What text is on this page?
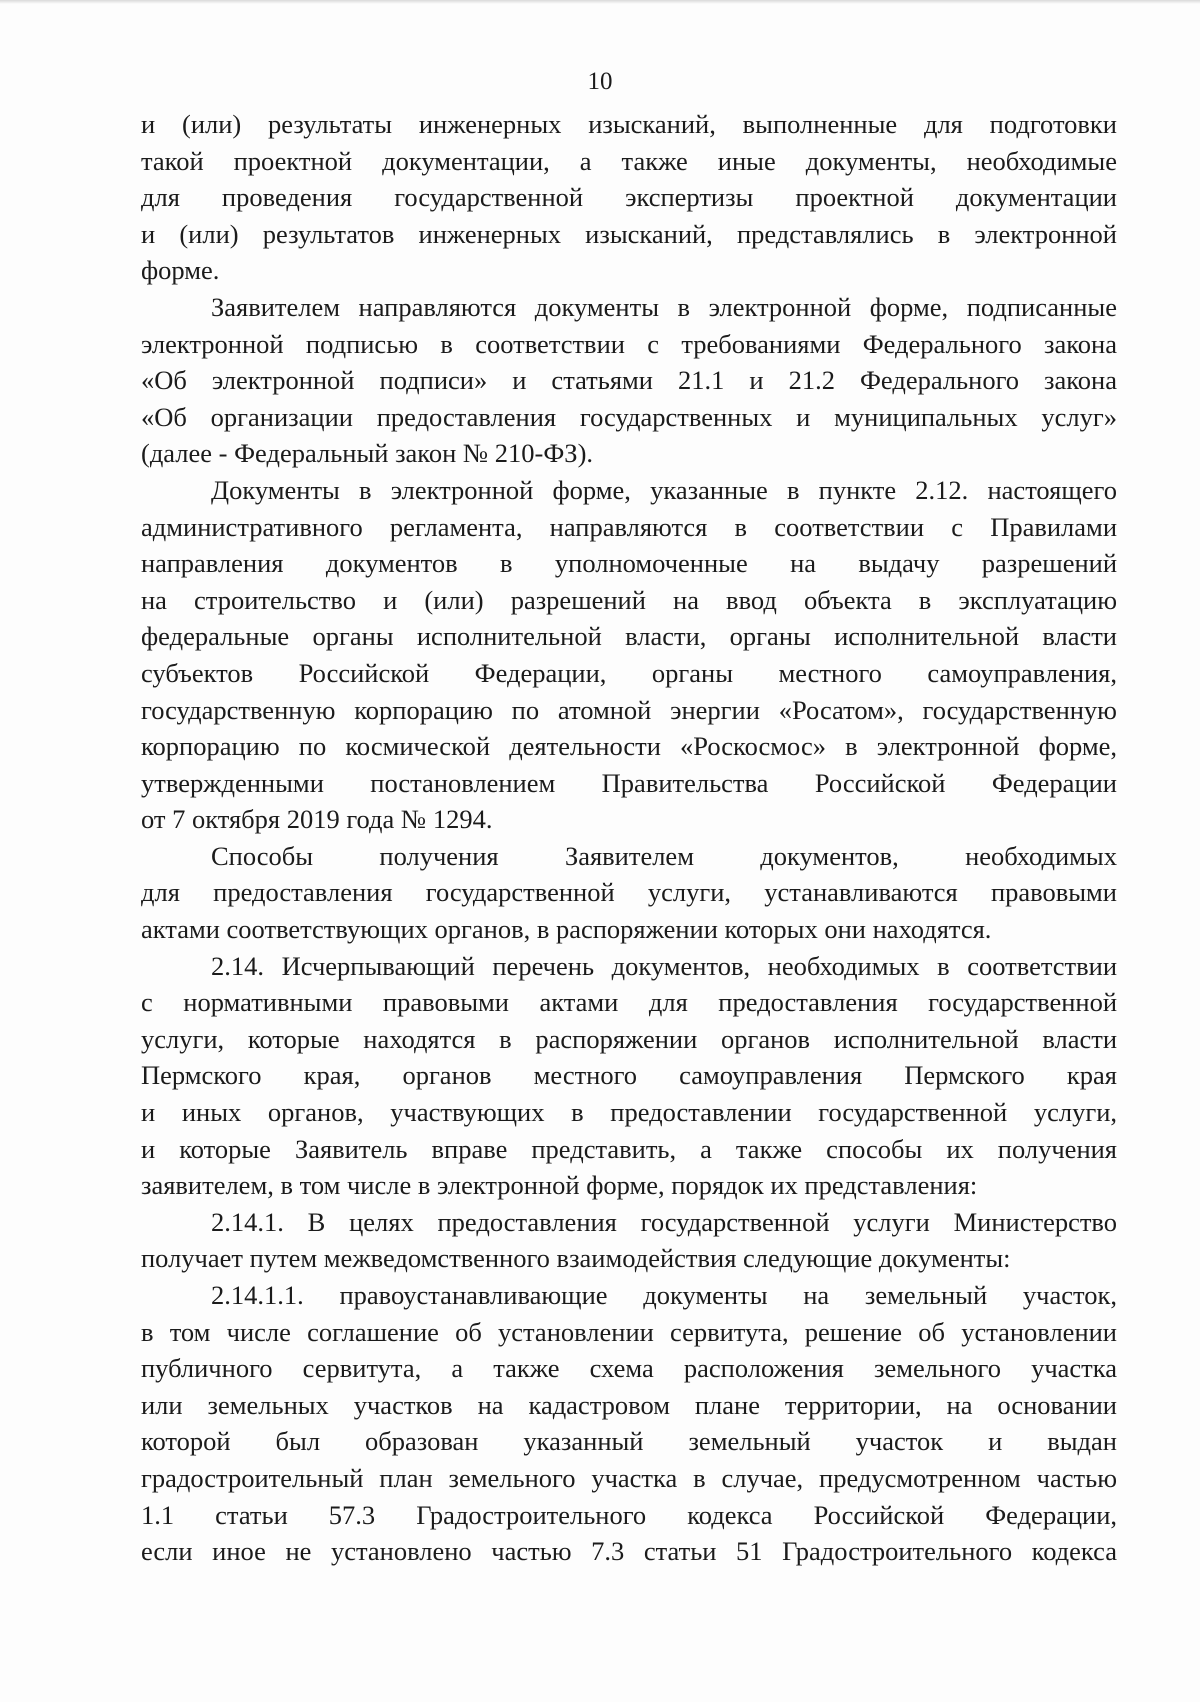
10
и (или) результаты инженерных изысканий, выполненные для подготовки
такой проектной документации, а также иные документы, необходимые
для проведения государственной экспертизы проектной документации
и (или) результатов инженерных изысканий, представлялись в электронной
форме.
Заявителем направляются документы в электронной форме, подписанные
электронной подписью в соответствии с требованиями Федерального закона
«Об электронной подписи» и статьями 21.1 и 21.2 Федерального закона
«Об организации предоставления государственных и муниципальных услуг»
(далее - Федеральный закон № 210-ФЗ).
Документы в электронной форме, указанные в пункте 2.12. настоящего
административного регламента, направляются в соответствии с Правилами
направления документов в уполномоченные на выдачу разрешений
на строительство и (или) разрешений на ввод объекта в эксплуатацию
федеральные органы исполнительной власти, органы исполнительной власти
субъектов Российской Федерации, органы местного самоуправления,
государственную корпорацию по атомной энергии «Росатом», государственную
корпорацию по космической деятельности «Роскосмос» в электронной форме,
утвержденными постановлением Правительства Российской Федерации
от 7 октября 2019 года № 1294.
Способы получения Заявителем документов, необходимых
для предоставления государственной услуги, устанавливаются правовыми
актами соответствующих органов, в распоряжении которых они находятся.
2.14. Исчерпывающий перечень документов, необходимых в соответствии
с нормативными правовыми актами для предоставления государственной
услуги, которые находятся в распоряжении органов исполнительной власти
Пермского края, органов местного самоуправления Пермского края
и иных органов, участвующих в предоставлении государственной услуги,
и которые Заявитель вправе представить, а также способы их получения
заявителем, в том числе в электронной форме, порядок их представления:
2.14.1. В целях предоставления государственной услуги Министерство
получает путем межведомственного взаимодействия следующие документы:
2.14.1.1. правоустанавливающие документы на земельный участок,
в том числе соглашение об установлении сервитута, решение об установлении
публичного сервитута, а также схема расположения земельного участка
или земельных участков на кадастровом плане территории, на основании
которой был образован указанный земельный участок и выдан
градостроительный план земельного участка в случае, предусмотренном частью
1.1 статьи 57.3 Градостроительного кодекса Российской Федерации,
если иное не установлено частью 7.3 статьи 51 Градостроительного кодекса
